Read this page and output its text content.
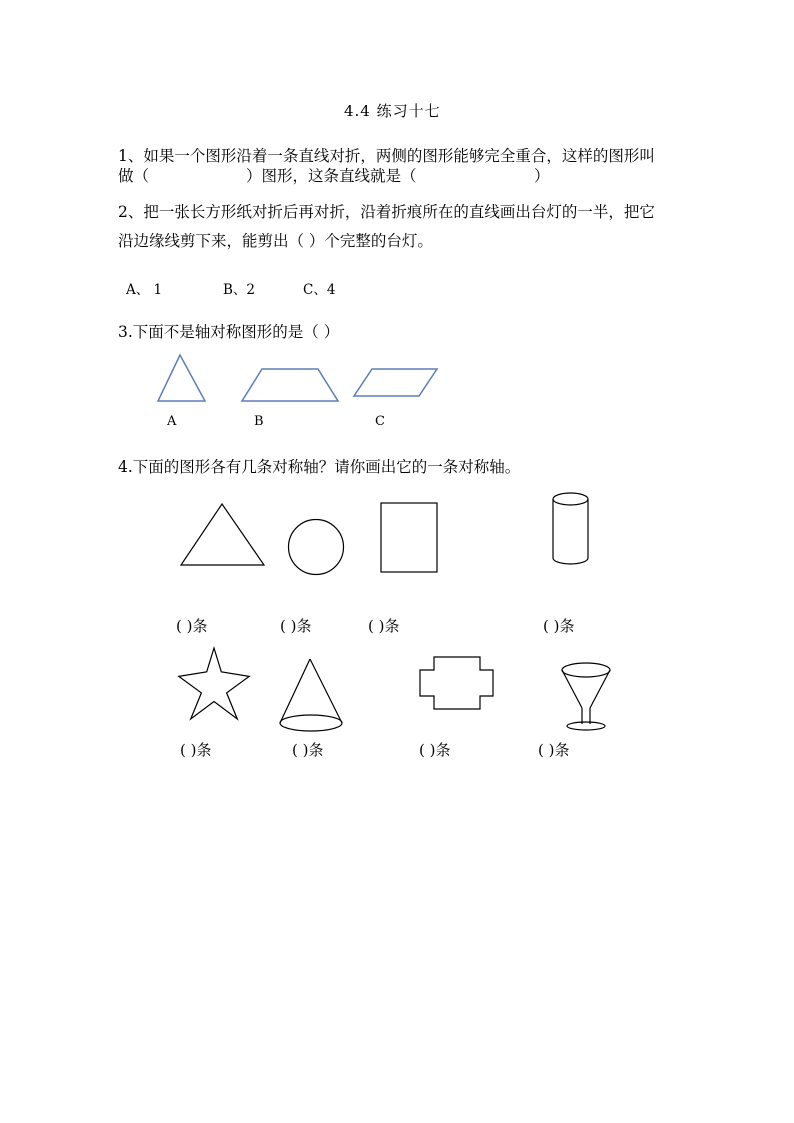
4.4 练习十七
1、如果一个图形沿着一条直线对折，两侧的图形能够完全重合，这样的图形叫
做（	）图形，这条直线就是（	）
2、把一张长方形纸对折后再对折，沿着折痕所在的直线画出台灯的一半，把它
沿边缘线剪下来，能剪出（ ）个完整的台灯。
A、 1	B、2	C、4
3.下面不是轴对称图形的是（ ）
A	B	C
4.下面的图形各有几条对称轴？请你画出它的一条对称轴。
( )条	( )条	( )条	( )条
( )条	( )条	( )条	( )条
